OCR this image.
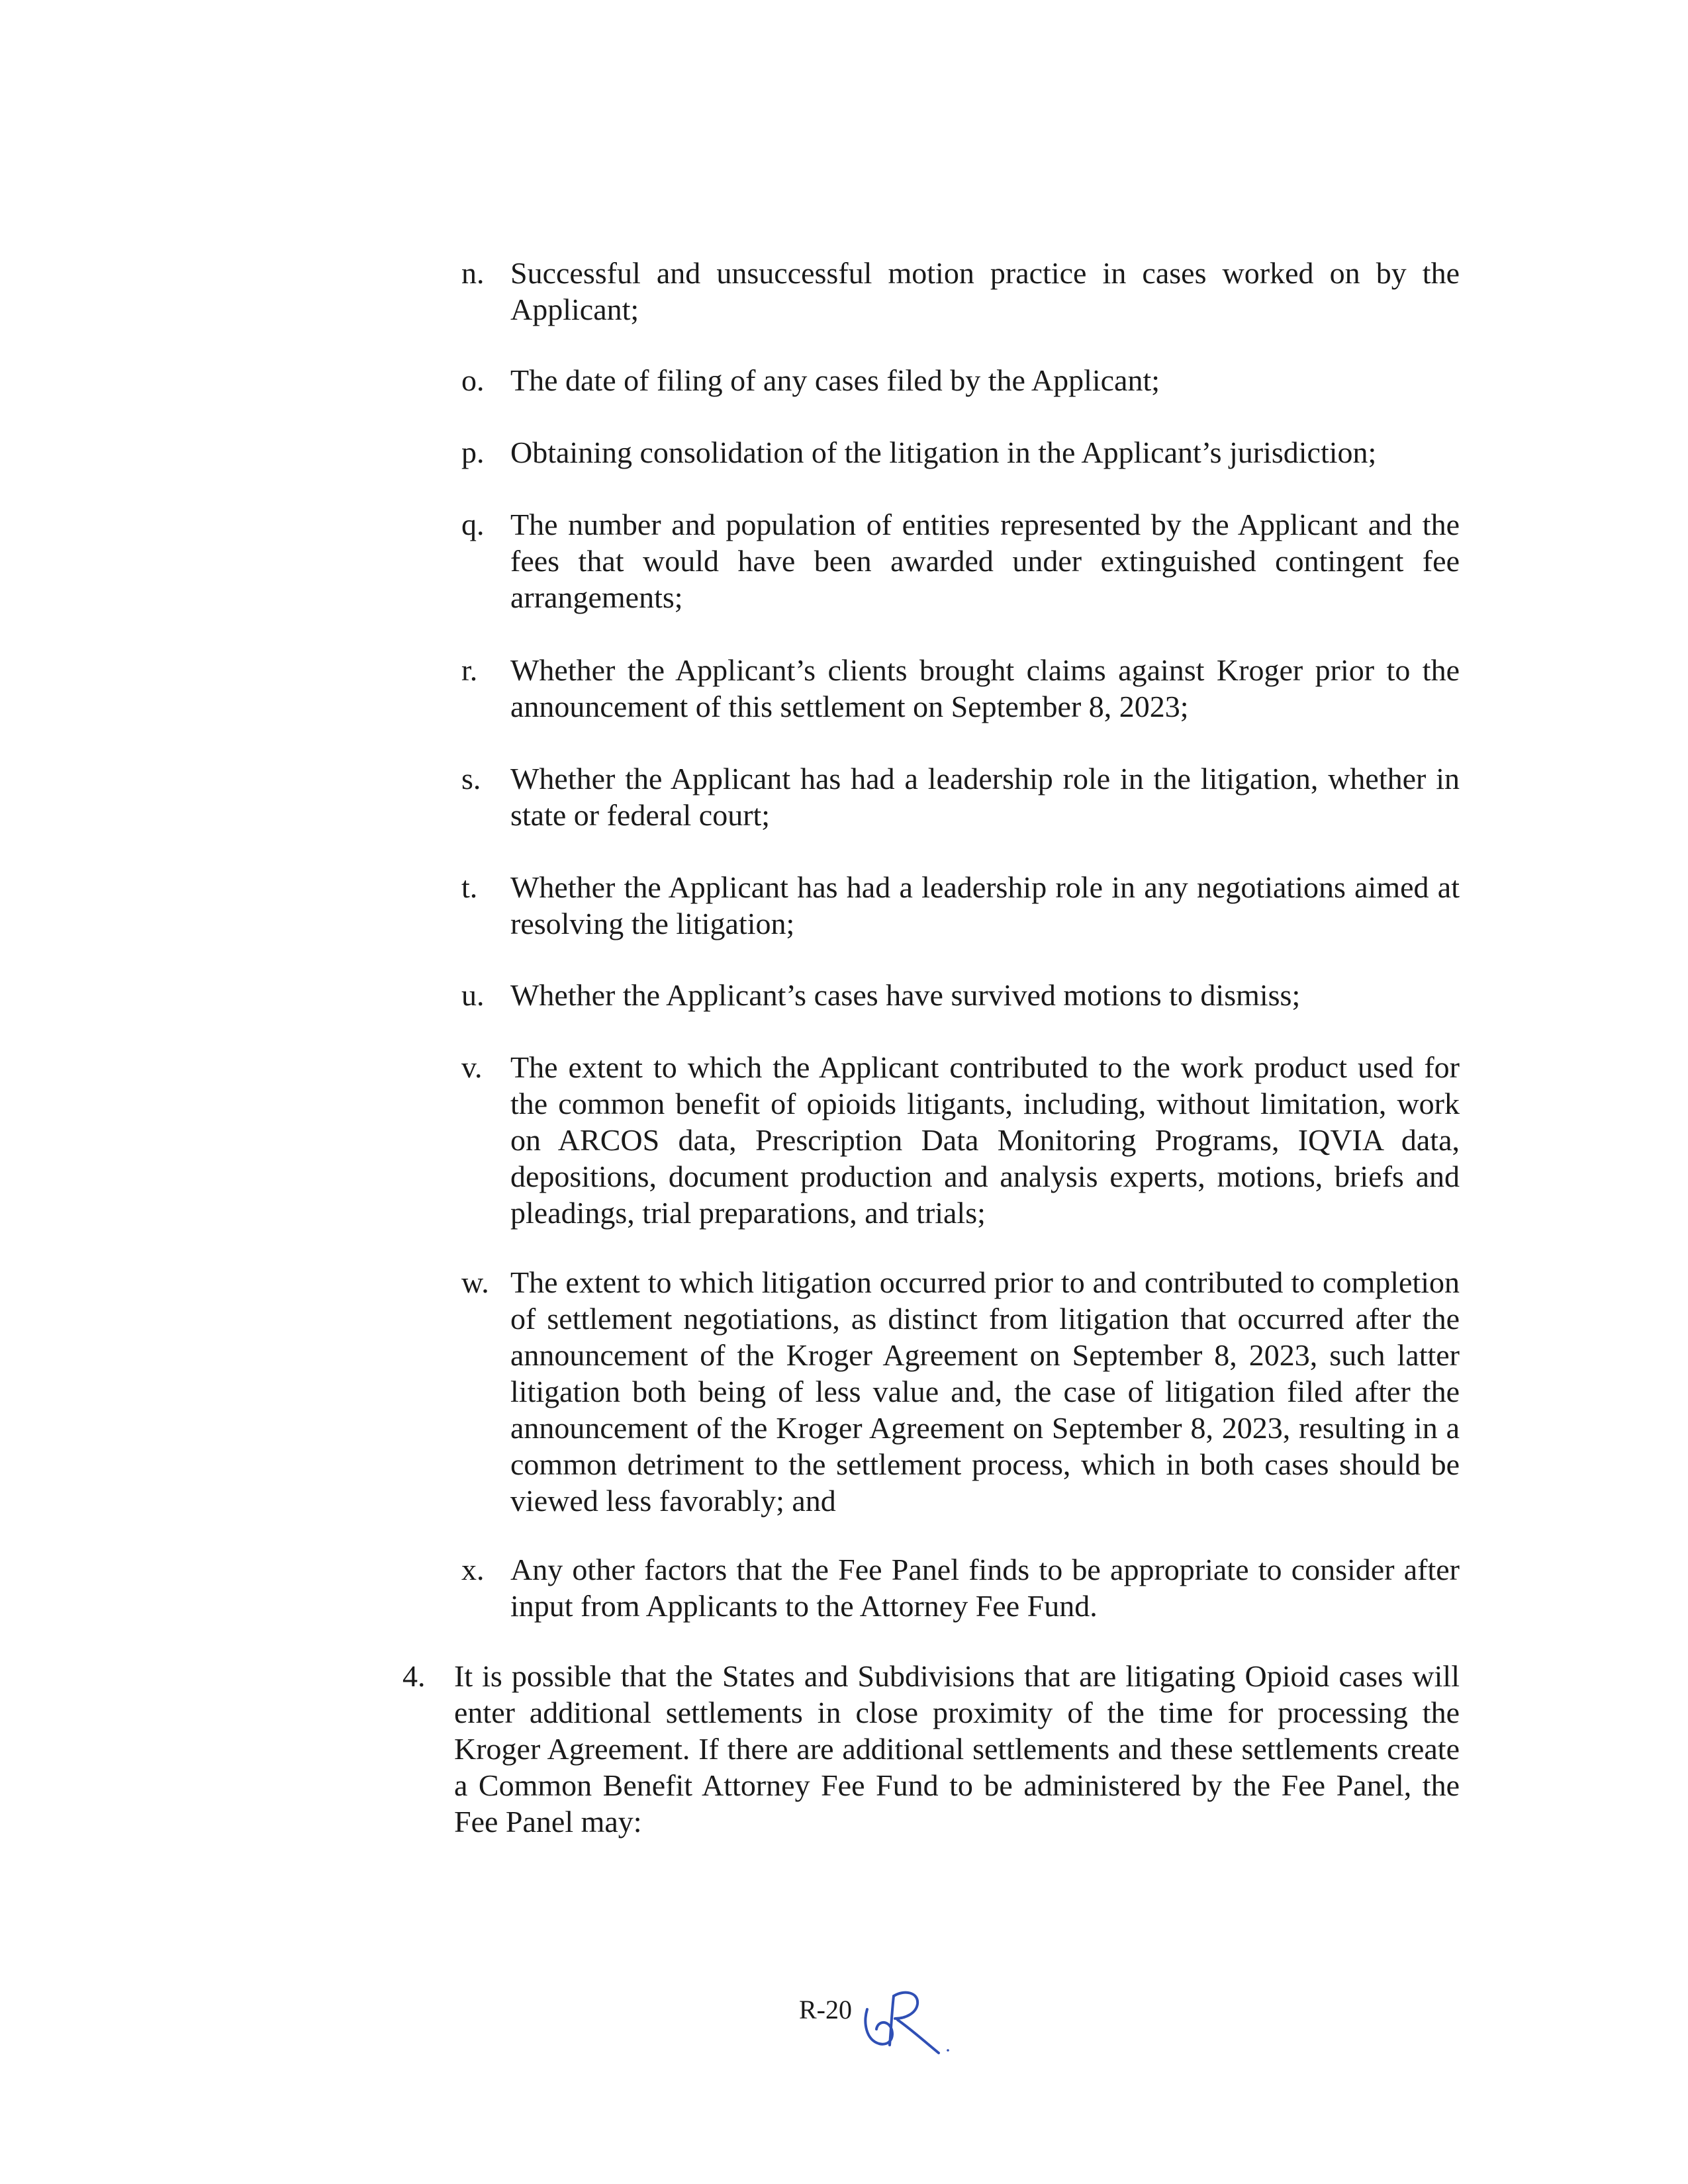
n. Successful and unsuccessful motion practice in cases worked on by the Applicant;
o. The date of filing of any cases filed by the Applicant;
p. Obtaining consolidation of the litigation in the Applicant’s jurisdiction;
q. The number and population of entities represented by the Applicant and the fees that would have been awarded under extinguished contingent fee arrangements;
r. Whether the Applicant’s clients brought claims against Kroger prior to the announcement of this settlement on September 8, 2023;
s. Whether the Applicant has had a leadership role in the litigation, whether in state or federal court;
t. Whether the Applicant has had a leadership role in any negotiations aimed at resolving the litigation;
u. Whether the Applicant’s cases have survived motions to dismiss;
v. The extent to which the Applicant contributed to the work product used for the common benefit of opioids litigants, including, without limitation, work on ARCOS data, Prescription Data Monitoring Programs, IQVIA data, depositions, document production and analysis experts, motions, briefs and pleadings, trial preparations, and trials;
w. The extent to which litigation occurred prior to and contributed to completion of settlement negotiations, as distinct from litigation that occurred after the announcement of the Kroger Agreement on September 8, 2023, such latter litigation both being of less value and, the case of litigation filed after the announcement of the Kroger Agreement on September 8, 2023, resulting in a common detriment to the settlement process, which in both cases should be viewed less favorably; and
x. Any other factors that the Fee Panel finds to be appropriate to consider after input from Applicants to the Attorney Fee Fund.
4. It is possible that the States and Subdivisions that are litigating Opioid cases will enter additional settlements in close proximity of the time for processing the Kroger Agreement. If there are additional settlements and these settlements create a Common Benefit Attorney Fee Fund to be administered by the Fee Panel, the Fee Panel may:
R-20
